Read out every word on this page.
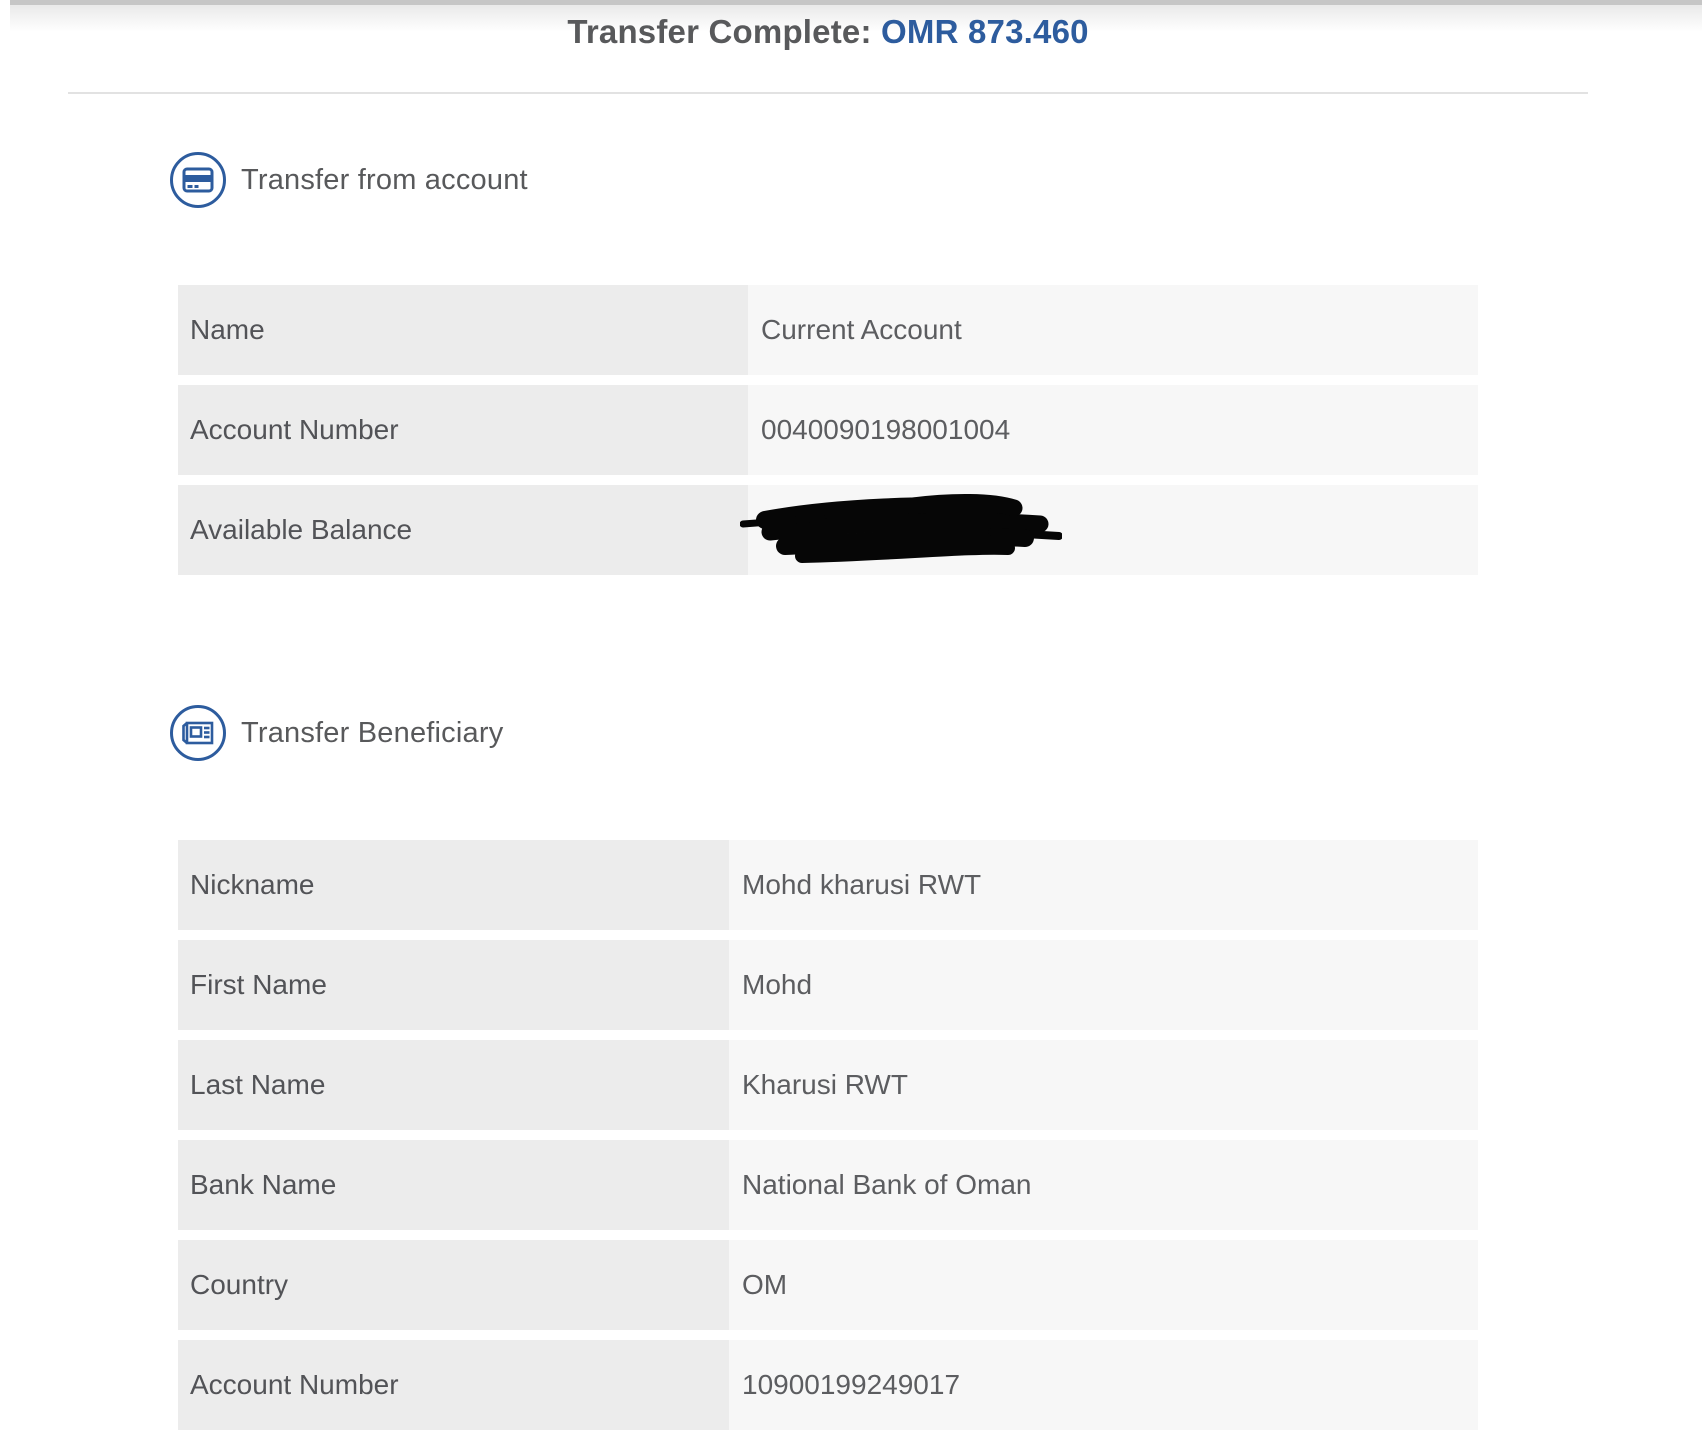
Transfer Complete: OMR 873.460
Transfer from account
Name	Current Account
Account Number	0040090198001004
Available Balance	OMR
Transfer Beneficiary
Nickname	Mohd kharusi RWT
First Name	Mohd
Last Name	Kharusi RWT
Bank Name	National Bank of Oman
Country	OM
Account Number	10900199249017
